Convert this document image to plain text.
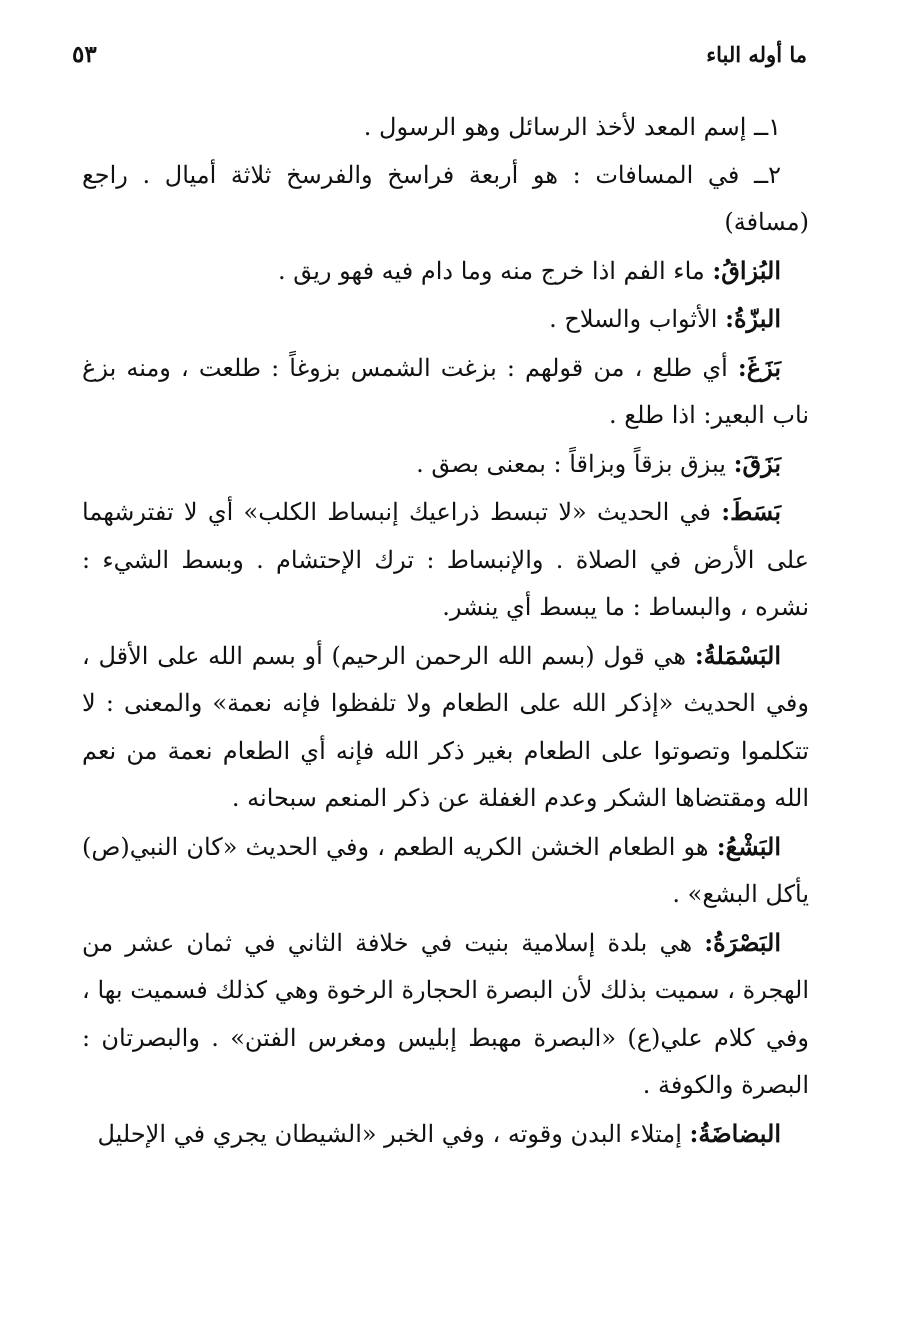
ما أوله الباء
٥٣

١ــ إسم المعد لأخذ الرسائل وهو الرسول .

٢ــ في المسافات : هو أربعة فراسخ والفرسخ ثلاثة أميال . راجع (مسافة)

البُزاقُ: ماء الفم اذا خرج منه وما دام فيه فهو ريق .

البزّةُ: الأثواب والسلاح .

بَزَغَ: أي طلع ، من قولهم : بزغت الشمس بزوغاً : طلعت ، ومنه بزغ ناب البعير: اذا طلع .

بَزَقَ: يبزق بزقاً وبزاقاً : بمعنى بصق .

بَسَطَ: في الحديث «لا تبسط ذراعيك إنبساط الكلب» أي لا تفترشهما على الأرض في الصلاة . والإنبساط : ترك الإحتشام . وبسط الشيء : نشره ، والبساط : ما يبسط أي ينشر.

البَسْمَلةُ: هي قول (بسم الله الرحمن الرحيم) أو بسم الله على الأقل ، وفي الحديث «إذكر الله على الطعام ولا تلفظوا فإنه نعمة» والمعنى : لا تتكلموا وتصوتوا على الطعام بغير ذكر الله فإنه أي الطعام نعمة من نعم الله ومقتضاها الشكر وعدم الغفلة عن ذكر المنعم سبحانه .

البَشْعُ: هو الطعام الخشن الكريه الطعم ، وفي الحديث «كان النبي(ص) يأكل البشع» .

البَصْرَةُ: هي بلدة إسلامية بنيت في خلافة الثاني في ثمان عشر من الهجرة ، سميت بذلك لأن البصرة الحجارة الرخوة وهي كذلك فسميت بها ، وفي كلام علي(ع) «البصرة مهبط إبليس ومغرس الفتن» . والبصرتان : البصرة والكوفة .

البضاضَةُ: إمتلاء البدن وقوته ، وفي الخبر «الشيطان يجري في الإحليل
